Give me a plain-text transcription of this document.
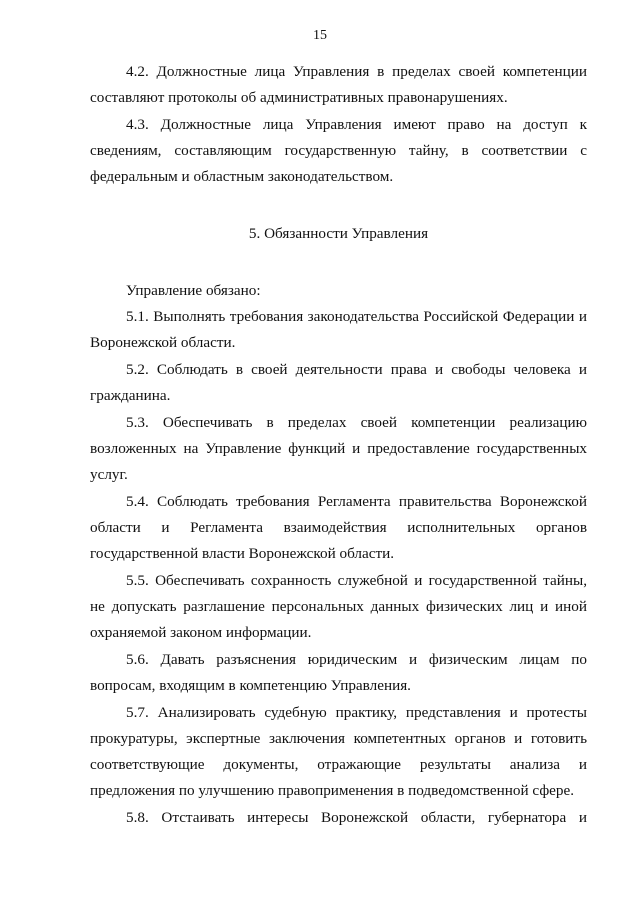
15

4.2. Должностные лица Управления в пределах своей компетенции составляют протоколы об административных правонарушениях.

4.3. Должностные лица Управления имеют право на доступ к сведениям, составляющим государственную тайну, в соответствии с федеральным и областным законодательством.

5. Обязанности Управления

Управление обязано:

5.1. Выполнять требования законодательства Российской Федерации и Воронежской области.

5.2. Соблюдать в своей деятельности права и свободы человека и гражданина.

5.3. Обеспечивать в пределах своей компетенции реализацию возложенных на Управление функций и предоставление государственных услуг.

5.4. Соблюдать требования Регламента правительства Воронежской области и Регламента взаимодействия исполнительных органов государственной власти Воронежской области.

5.5. Обеспечивать сохранность служебной и государственной тайны, не допускать разглашение персональных данных физических лиц и иной охраняемой законом информации.

5.6. Давать разъяснения юридическим и физическим лицам по вопросам, входящим в компетенцию Управления.

5.7. Анализировать судебную практику, представления и протесты прокуратуры, экспертные заключения компетентных органов и готовить соответствующие документы, отражающие результаты анализа и предложения по улучшению правоприменения в подведомственной сфере.

5.8. Отстаивать интересы Воронежской области, губернатора и
